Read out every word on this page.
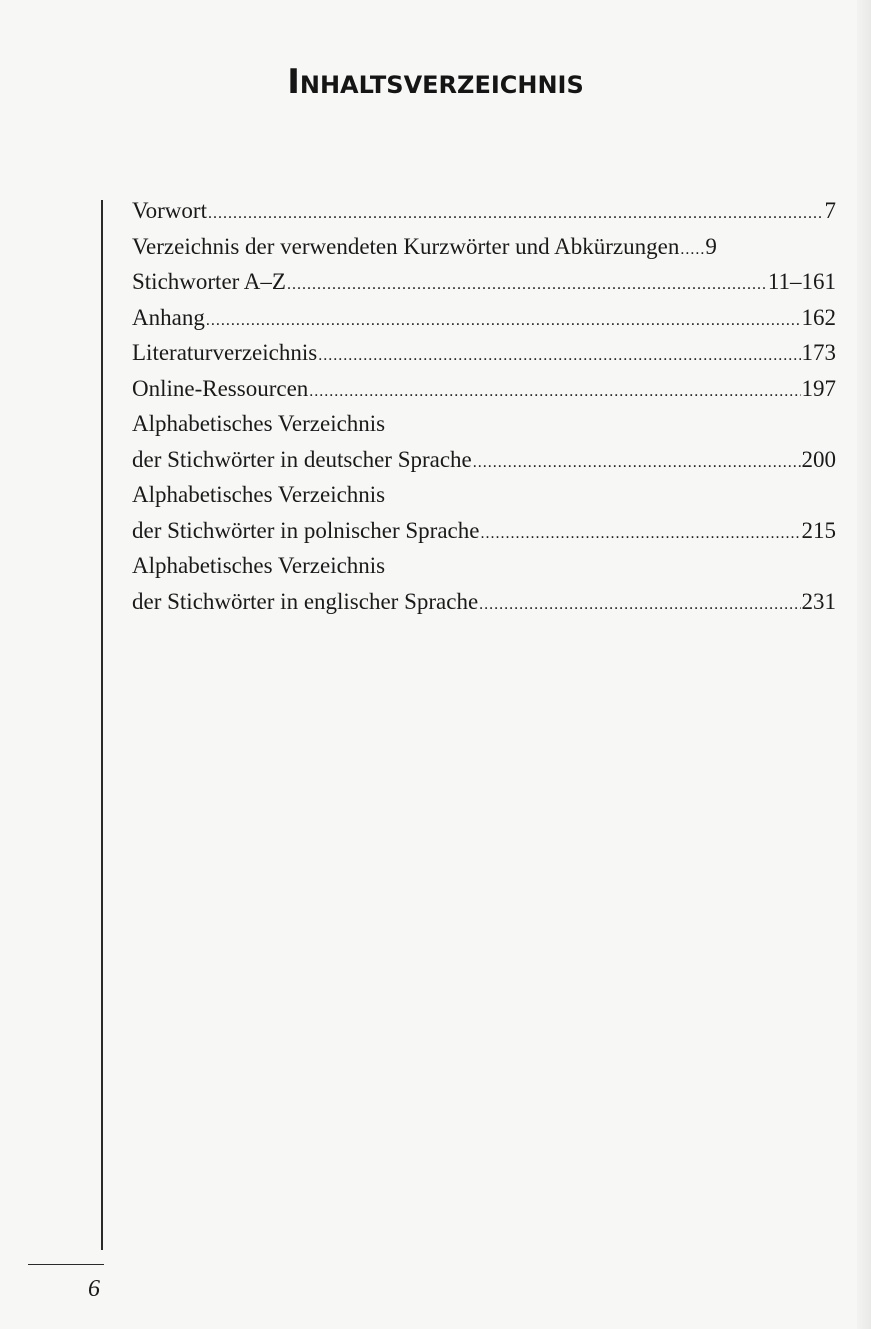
Inhaltsverzeichnis
Vorwort .....	7
Verzeichnis der verwendeten Kurzwörter und Abkürzungen ..... 9
Stichworter A–Z .....	11–161
Anhang .....	162
Literaturverzeichnis .....	173
Online-Ressourcen .....	197
Alphabetisches Verzeichnis
der Stichwörter in deutscher Sprache .....	200
Alphabetisches Verzeichnis
der Stichwörter in polnischer Sprache .....	215
Alphabetisches Verzeichnis
der Stichwörter in englischer Sprache .....	231
6
